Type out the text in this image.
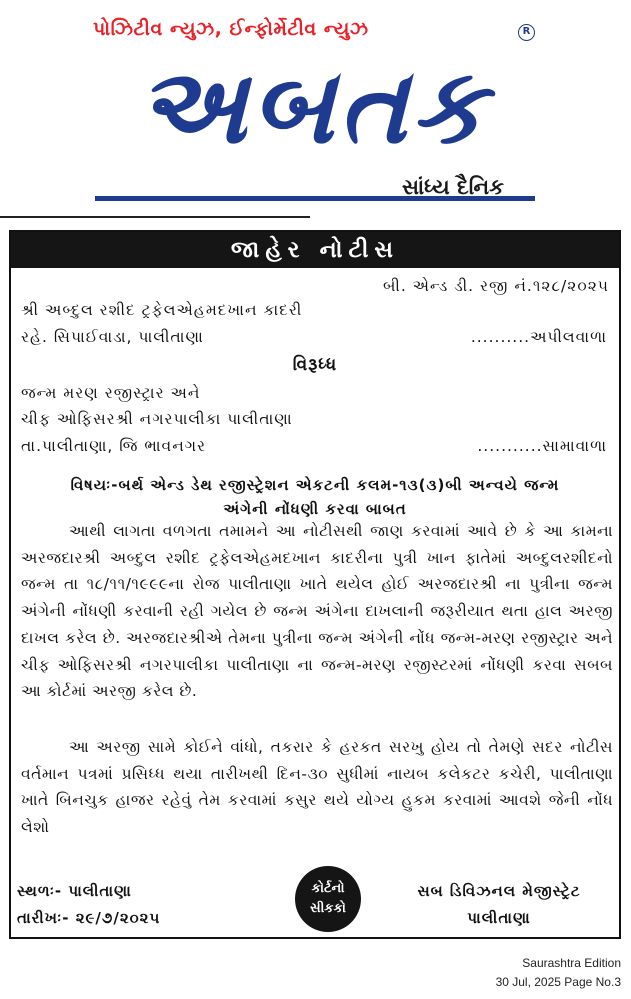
પોઝિટીવ ન્યુઝ, ઈન્ફોર્મેટીવ ન્યુઝ	R
અબતક
સાંધ્ય દૈનિક
જાહેર નોટીસ
બી. એન્ડ ડી. રજી નં.૧૨૮/૨૦૨૫
શ્રી અબ્દુલ રશીદ ટ્રફેલએહમદખાન કાદરી
રહે. સિપાઈવાડા, પાલીતાણા	..........અપીલવાળા
વિરૂધ્ધ
જન્મ મરણ રજીસ્ટ્રાર અને
ચીફ ઓફિસરશ્રી નગરપાલીકા પાલીતાણા
તા.પાલીતાણા, જિ ભાવનગર	...........સામાવાળા
વિષયઃ-બર્થ એન્ડ ડેથ રજીસ્ટ્રેશન એકટની કલમ-૧૩(૩)બી અન્વયે જન્મ
અંગેની નોંધણી કરવા બાબત
આથી લાગતા વળગતા તમામને આ નોટીસથી જાણ કરવામાં આવે છે કે આ કામના અરજદારશ્રી અબ્દુલ રશીદ ટ્રફેલએહમદખાન કાદરીના પુત્રી ખાન ફાતેમાં અબ્દુલરશીદનો જન્મ તા ૧૮/૧૧/૧૯૯૯ના રોજ પાલીતાણા ખાતે થયેલ હોઈ અરજદારશ્રી ના પુત્રીના જન્મ અંગેની નોંધણી કરવાની રહી ગયેલ છે જન્મ અંગેના દાખલાની જરૂરીયાત થતા હાલ અરજી દાખલ કરેલ છે. અરજદારશ્રીએ તેમના પુત્રીના જન્મ અંગેની નોંધ જન્મ-મરણ રજીસ્ટ્રાર અને ચીફ ઓફિસરશ્રી નગરપાલીકા પાલીતાણા ના જન્મ-મરણ રજીસ્ટરમાં નોંધણી કરવા સબબ આ કોર્ટમાં અરજી કરેલ છે.
આ અરજી સામે કોઈને વાંધો, તકરાર કે હરકત સરખુ હોય તો તેમણે સદર નોટીસ વર્તમાન પત્રમાં પ્રસિધ્ધ થયા તારીખથી દિન-૩૦ સુધીમાં નાયબ કલેકટર કચેરી, પાલીતાણા ખાતે બિનચુક હાજર રહેવું તેમ કરવામાં કસુર થયે યોગ્ય હુકમ કરવામાં આવશે જેની નોંધ લેશો
સ્થળઃ- પાલીતાણા
તારીખઃ- ૨૯/૭/૨૦૨૫
કોર્ટનો
સીકકો
સબ ડિવિઝનલ મેજીસ્ટ્રેટ
પાલીતાણા
Saurashtra Edition
30 Jul, 2025 Page No.3
